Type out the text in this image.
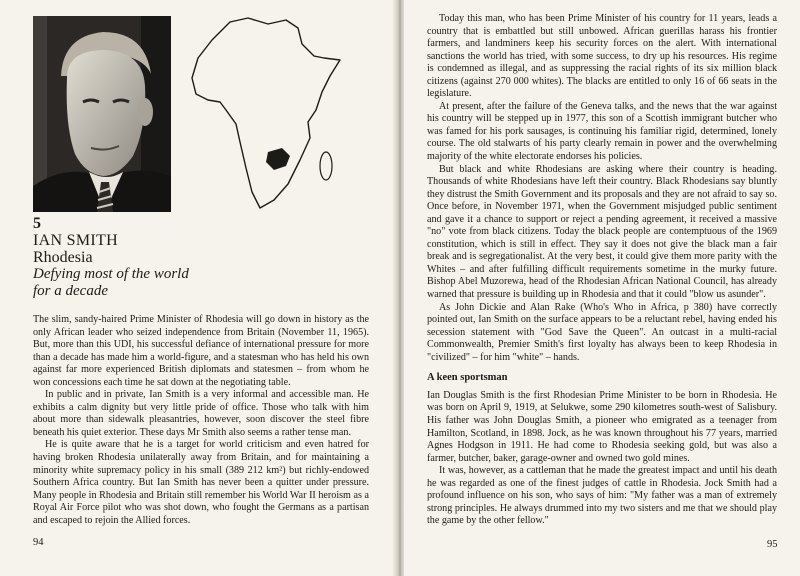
5
IAN SMITH
Rhodesia
Defying most of the world
for a decade

The slim, sandy-haired Prime Minister of Rhodesia will go down in history as the only African leader who seized independence from Britain (November 11, 1965). But, more than this UDI, his successful defiance of international pressure for more than a decade has made him a world-figure, and a statesman who has held his own against far more experienced British diplomats and statesmen – from whom he won concessions each time he sat down at the negotiating table.

In public and in private, Ian Smith is a very informal and accessible man. He exhibits a calm dignity but very little pride of office. Those who talk with him about more than sidewalk pleasantries, however, soon discover the steel fibre beneath his quiet exterior. These days Mr Smith also seems a rather tense man.

He is quite aware that he is a target for world criticism and even hatred for having broken Rhodesia unilaterally away from Britain, and for maintaining a minority white supremacy policy in his small (389 212 km²) but richly-endowed Southern Africa country. But Ian Smith has never been a quitter under pressure. Many people in Rhodesia and Britain still remember his World War II heroism as a Royal Air Force pilot who was shot down, who fought the Germans as a partisan and escaped to rejoin the Allied forces.

94

Today this man, who has been Prime Minister of his country for 11 years, leads a country that is embattled but still unbowed. African guerillas harass his frontier farmers, and landminers keep his security forces on the alert. With international sanctions the world has tried, with some success, to dry up his resources. His regime is condemned as illegal, and as suppressing the racial rights of its six million black citizens (against 270 000 whites). The blacks are entitled to only 16 of 66 seats in the legislature.

At present, after the failure of the Geneva talks, and the news that the war against his country will be stepped up in 1977, this son of a Scottish immigrant butcher who was famed for his pork sausages, is continuing his familiar rigid, determined, lonely course. The old stalwarts of his party clearly remain in power and the overwhelming majority of the white electorate endorses his policies.

But black and white Rhodesians are asking where their country is heading. Thousands of white Rhodesians have left their country. Black Rhodesians say bluntly they distrust the Smith Government and its proposals and they are not afraid to say so. Once before, in November 1971, when the Government misjudged public sentiment and gave it a chance to support or reject a pending agreement, it received a massive "no" vote from black citizens. Today the black people are contemptuous of the 1969 constitution, which is still in effect. They say it does not give the black man a fair break and is segregationalist. At the very best, it could give them more parity with the Whites – and after fulfilling difficult requirements sometime in the murky future. Bishop Abel Muzorewa, head of the Rhodesian African National Council, has already warned that pressure is building up in Rhodesia and that it could "blow us asunder".

As John Dickie and Alan Rake (Who's Who in Africa, p 380) have correctly pointed out, Ian Smith on the surface appears to be a reluctant rebel, having ended his secession statement with "God Save the Queen". An outcast in a multi-racial Commonwealth, Premier Smith's first loyalty has always been to keep Rhodesia in "civilized" – for him "white" – hands.

A keen sportsman

Ian Douglas Smith is the first Rhodesian Prime Minister to be born in Rhodesia. He was born on April 9, 1919, at Selukwe, some 290 kilometres south-west of Salisbury. His father was John Douglas Smith, a pioneer who emigrated as a teenager from Hamilton, Scotland, in 1898. Jock, as he was known throughout his 77 years, married Agnes Hodgson in 1911. He had come to Rhodesia seeking gold, but was also a farmer, butcher, baker, garage-owner and owned two gold mines.

It was, however, as a cattleman that he made the greatest impact and until his death he was regarded as one of the finest judges of cattle in Rhodesia. Jock Smith had a profound influence on his son, who says of him: "My father was a man of extremely strong principles. He always drummed into my two sisters and me that we should play the game by the other fellow."

95
